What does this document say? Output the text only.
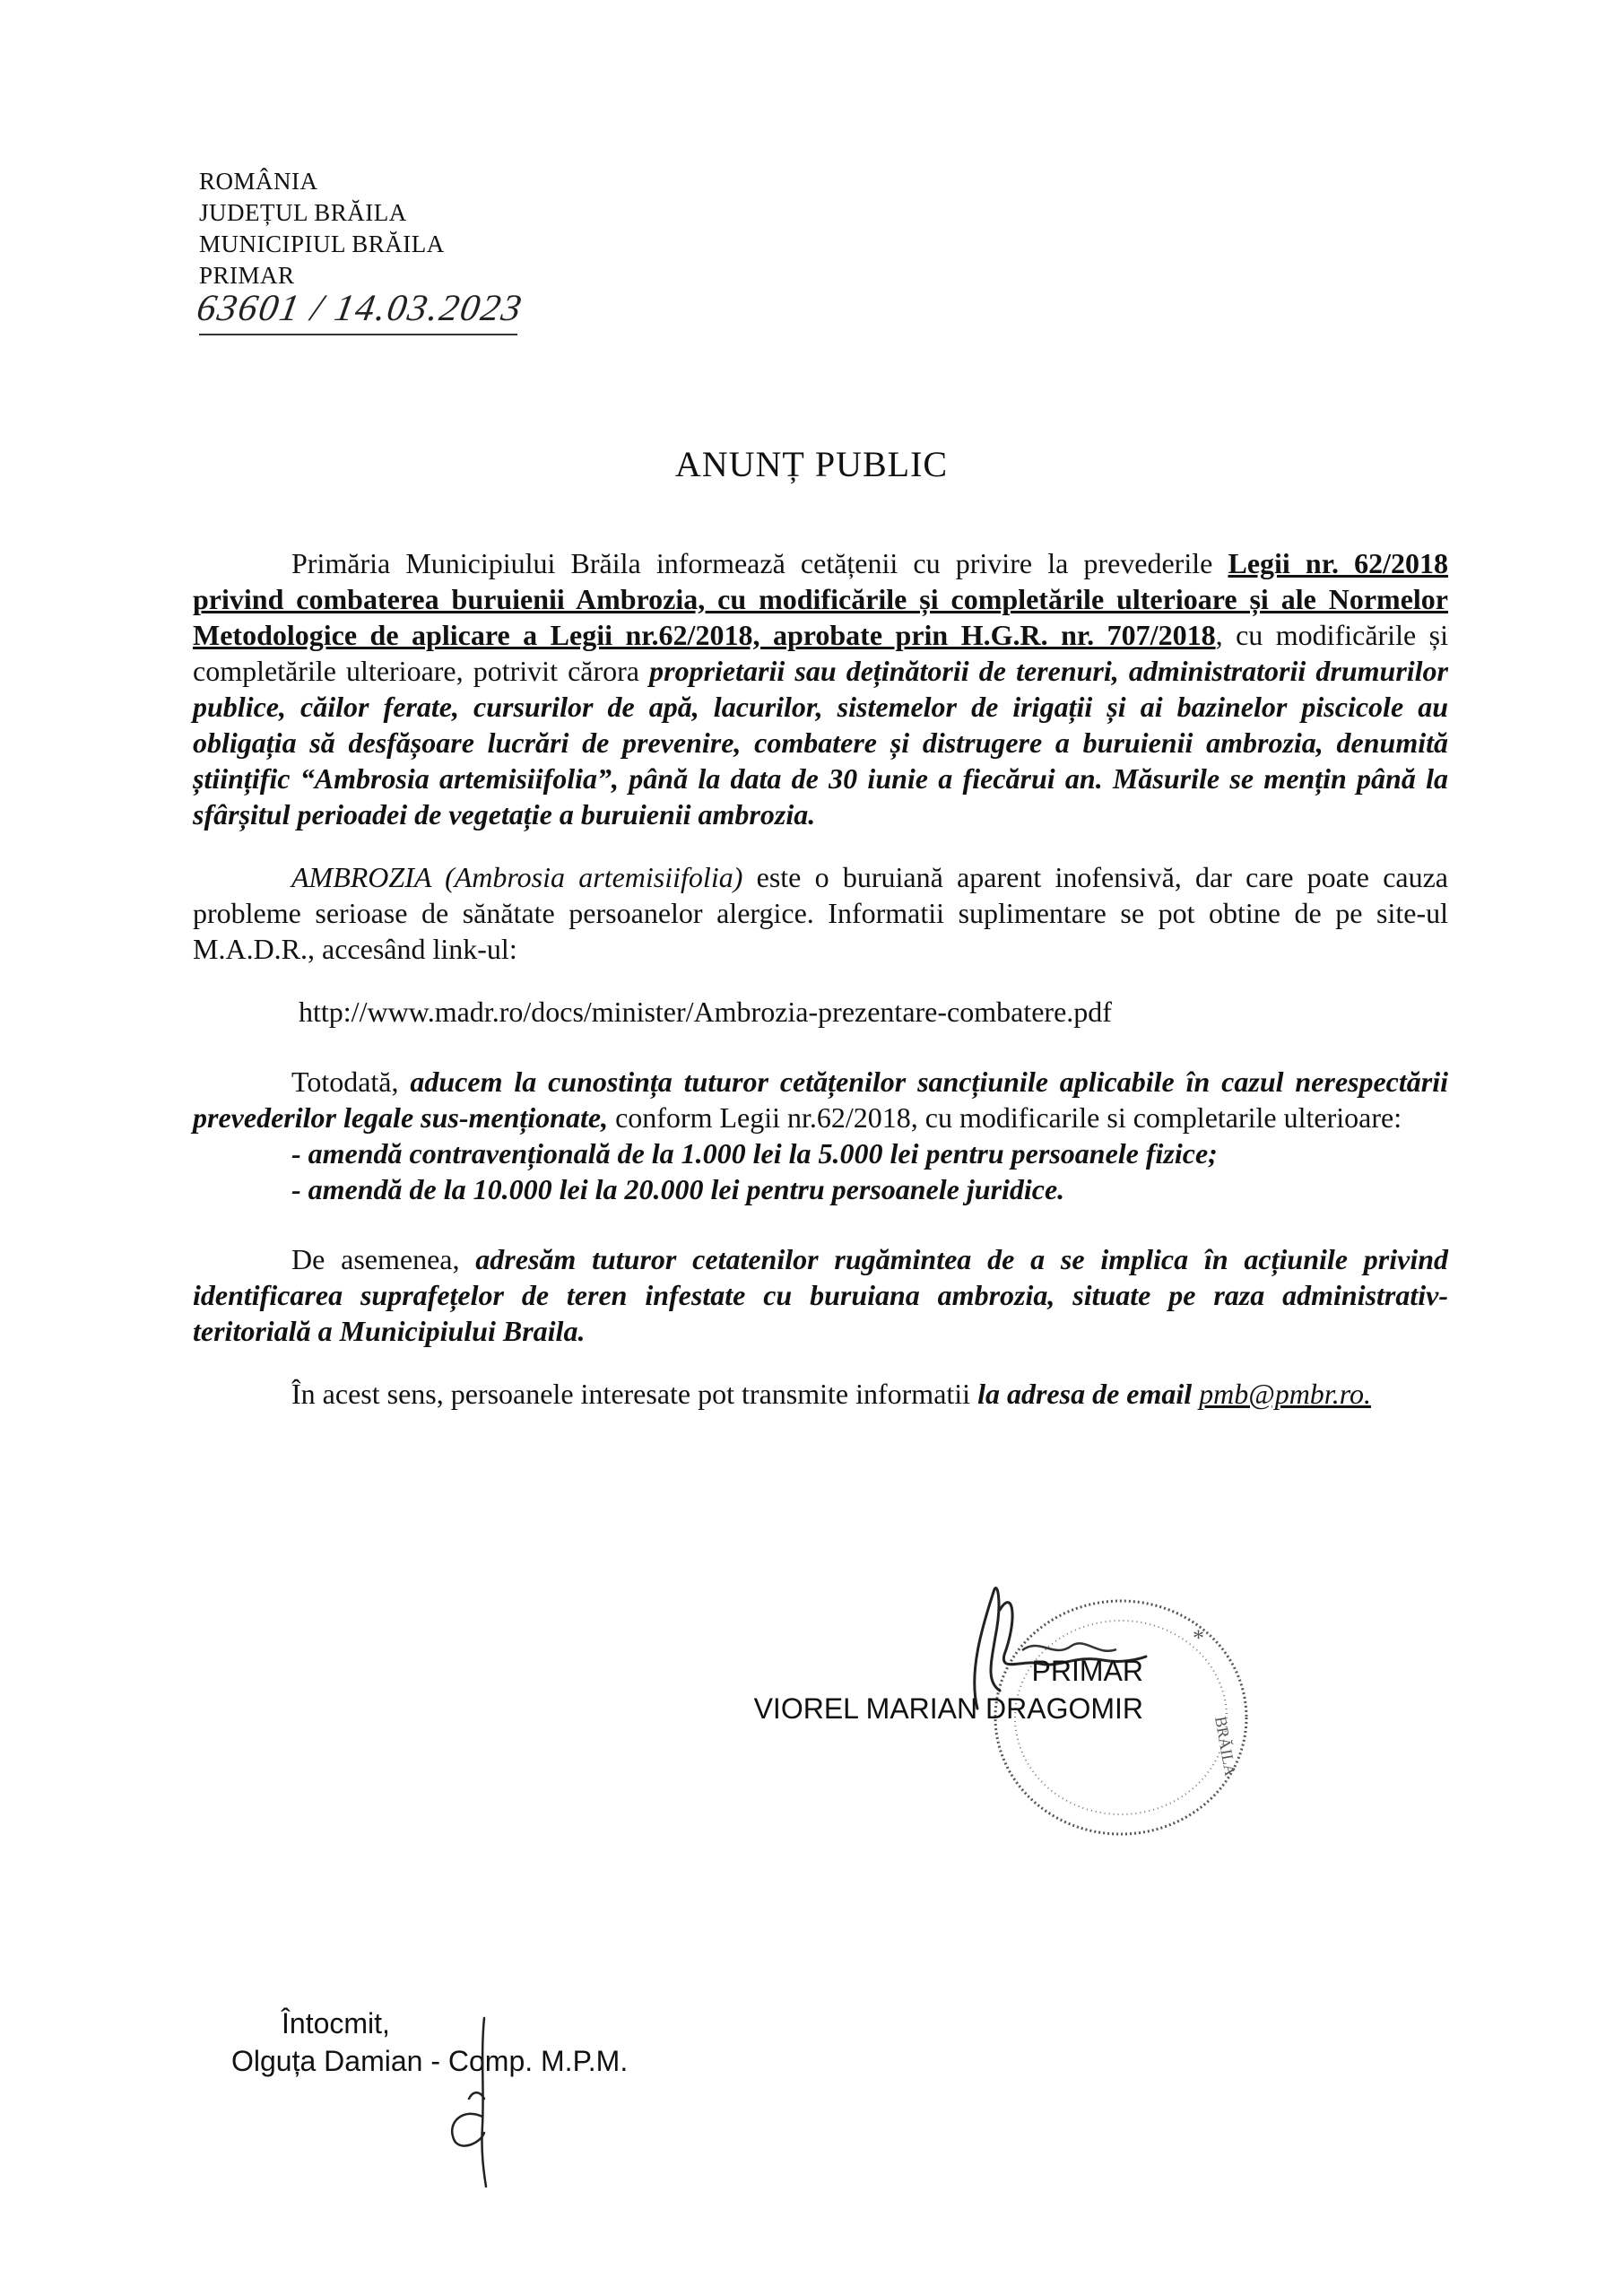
ROMÂNIA
JUDEȚUL BRĂILA
MUNICIPIUL BRĂILA
PRIMAR
63601 / 14.03.2023
ANUNȚ PUBLIC

Primăria Municipiului Brăila informează cetățenii cu privire la prevederile Legii nr. 62/2018 privind combaterea buruienii Ambrozia, cu modificările și completările ulterioare și ale Normelor Metodologice de aplicare a Legii nr.62/2018, aprobate prin H.G.R. nr. 707/2018, cu modificările și completările ulterioare, potrivit cărora proprietarii sau deținătorii de terenuri, administratorii drumurilor publice, căilor ferate, cursurilor de apă, lacurilor, sistemelor de irigații și ai bazinelor piscicole au obligația să desfășoare lucrări de prevenire, combatere și distrugere a buruienii ambrozia, denumită științific “Ambrosia artemisiifolia”, până la data de 30 iunie a fiecărui an. Măsurile se mențin până la sfârșitul perioadei de vegetație a buruienii ambrozia.

AMBROZIA (Ambrosia artemisiifolia) este o buruiană aparent inofensivă, dar care poate cauza probleme serioase de sănătate persoanelor alergice. Informatii suplimentare se pot obtine de pe site-ul M.A.D.R., accesând link-ul:

http://www.madr.ro/docs/minister/Ambrozia-prezentare-combatere.pdf

Totodată, aducem la cunostința tuturor cetățenilor sancțiunile aplicabile în cazul nerespectării prevederilor legale sus-menționate, conform Legii nr.62/2018, cu modificarile si completarile ulterioare:

- amendă contravențională de la 1.000 lei la 5.000 lei pentru persoanele fizice;

- amendă de la 10.000 lei la 20.000 lei pentru persoanele juridice.

De asemenea, adresăm tuturor cetatenilor rugămintea de a se implica în acțiunile privind identificarea suprafețelor de teren infestate cu buruiana ambrozia, situate pe raza administrativ-teritorială a Municipiului Braila.

În acest sens, persoanele interesate pot transmite informatii la adresa de email pmb@pmbr.ro.

*
BRĂILA
PRIMAR
VIOREL MARIAN DRAGOMIR
Întocmit,
Olguța Damian - Comp. M.P.M.
